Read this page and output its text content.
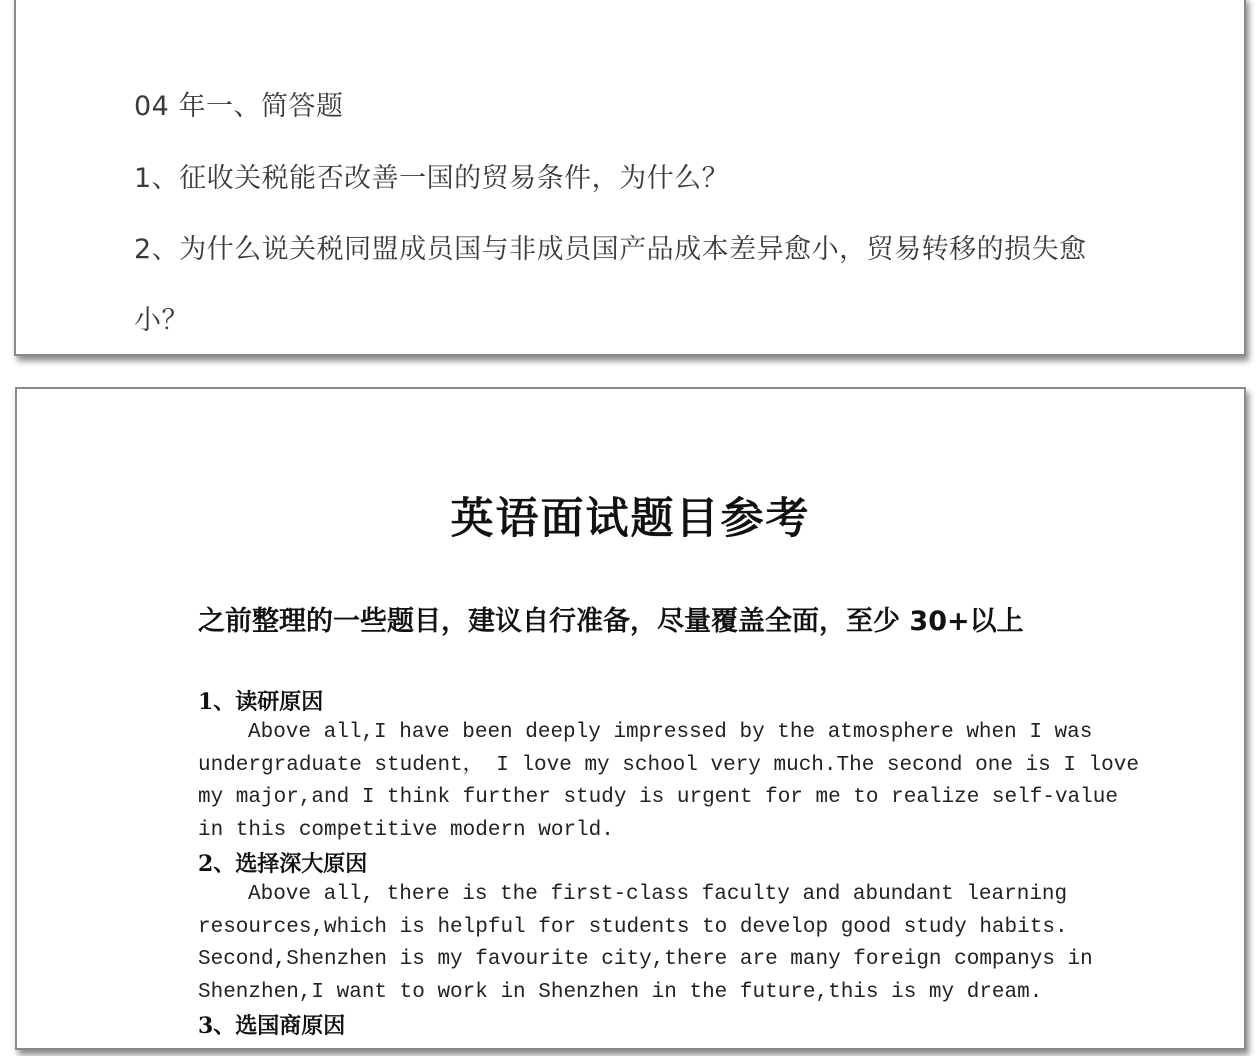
04 年一、简答题
1、征收关税能否改善一国的贸易条件，为什么？
2、为什么说关税同盟成员国与非成员国产品成本差异愈小，贸易转移的损失愈
小？
英语面试题目参考
之前整理的一些题目，建议自行准备，尽量覆盖全面，至少 30+以上
1、读研原因
Above all,I have been deeply impressed by the atmosphere when I was
undergraduate student， I love my school very much.The second one is I love
my major,and I think further study is urgent for me to realize self-value
in this competitive modern world.
2、选择深大原因
Above all, there is the first-class faculty and abundant learning
resources,which is helpful for students to develop good study habits.
Second,Shenzhen is my favourite city,there are many foreign companys in
Shenzhen,I want to work in Shenzhen in the future,this is my dream.
3、选国商原因
